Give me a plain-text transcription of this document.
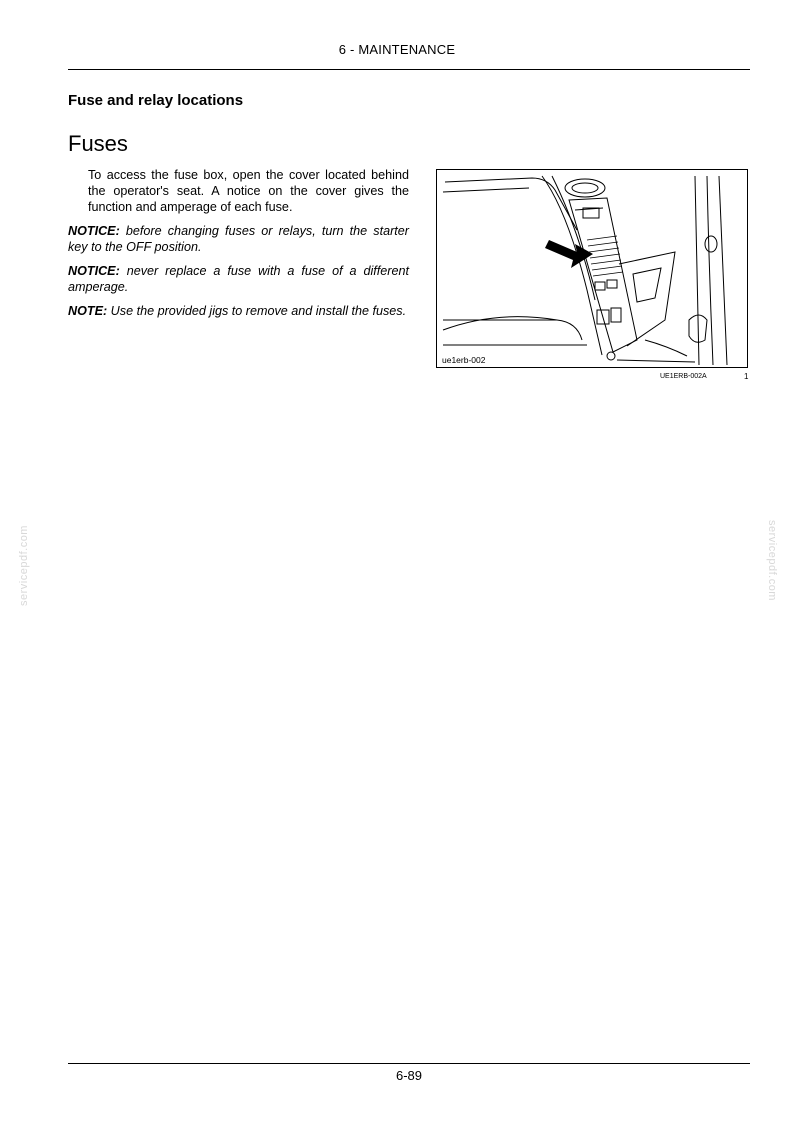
6 - MAINTENANCE
Fuse and relay locations
Fuses

To access the fuse box, open the cover located behind the operator's seat. A notice on the cover gives the function and amperage of each fuse.

NOTICE: before changing fuses or relays, turn the starter key to the OFF position.

NOTICE: never replace a fuse with a fuse of a different amperage.

NOTE: Use the provided jigs to remove and install the fuses.

ue1erb-002
UE1ERB-002A	1
servicepdf.com	servicepdf.com
6-89
